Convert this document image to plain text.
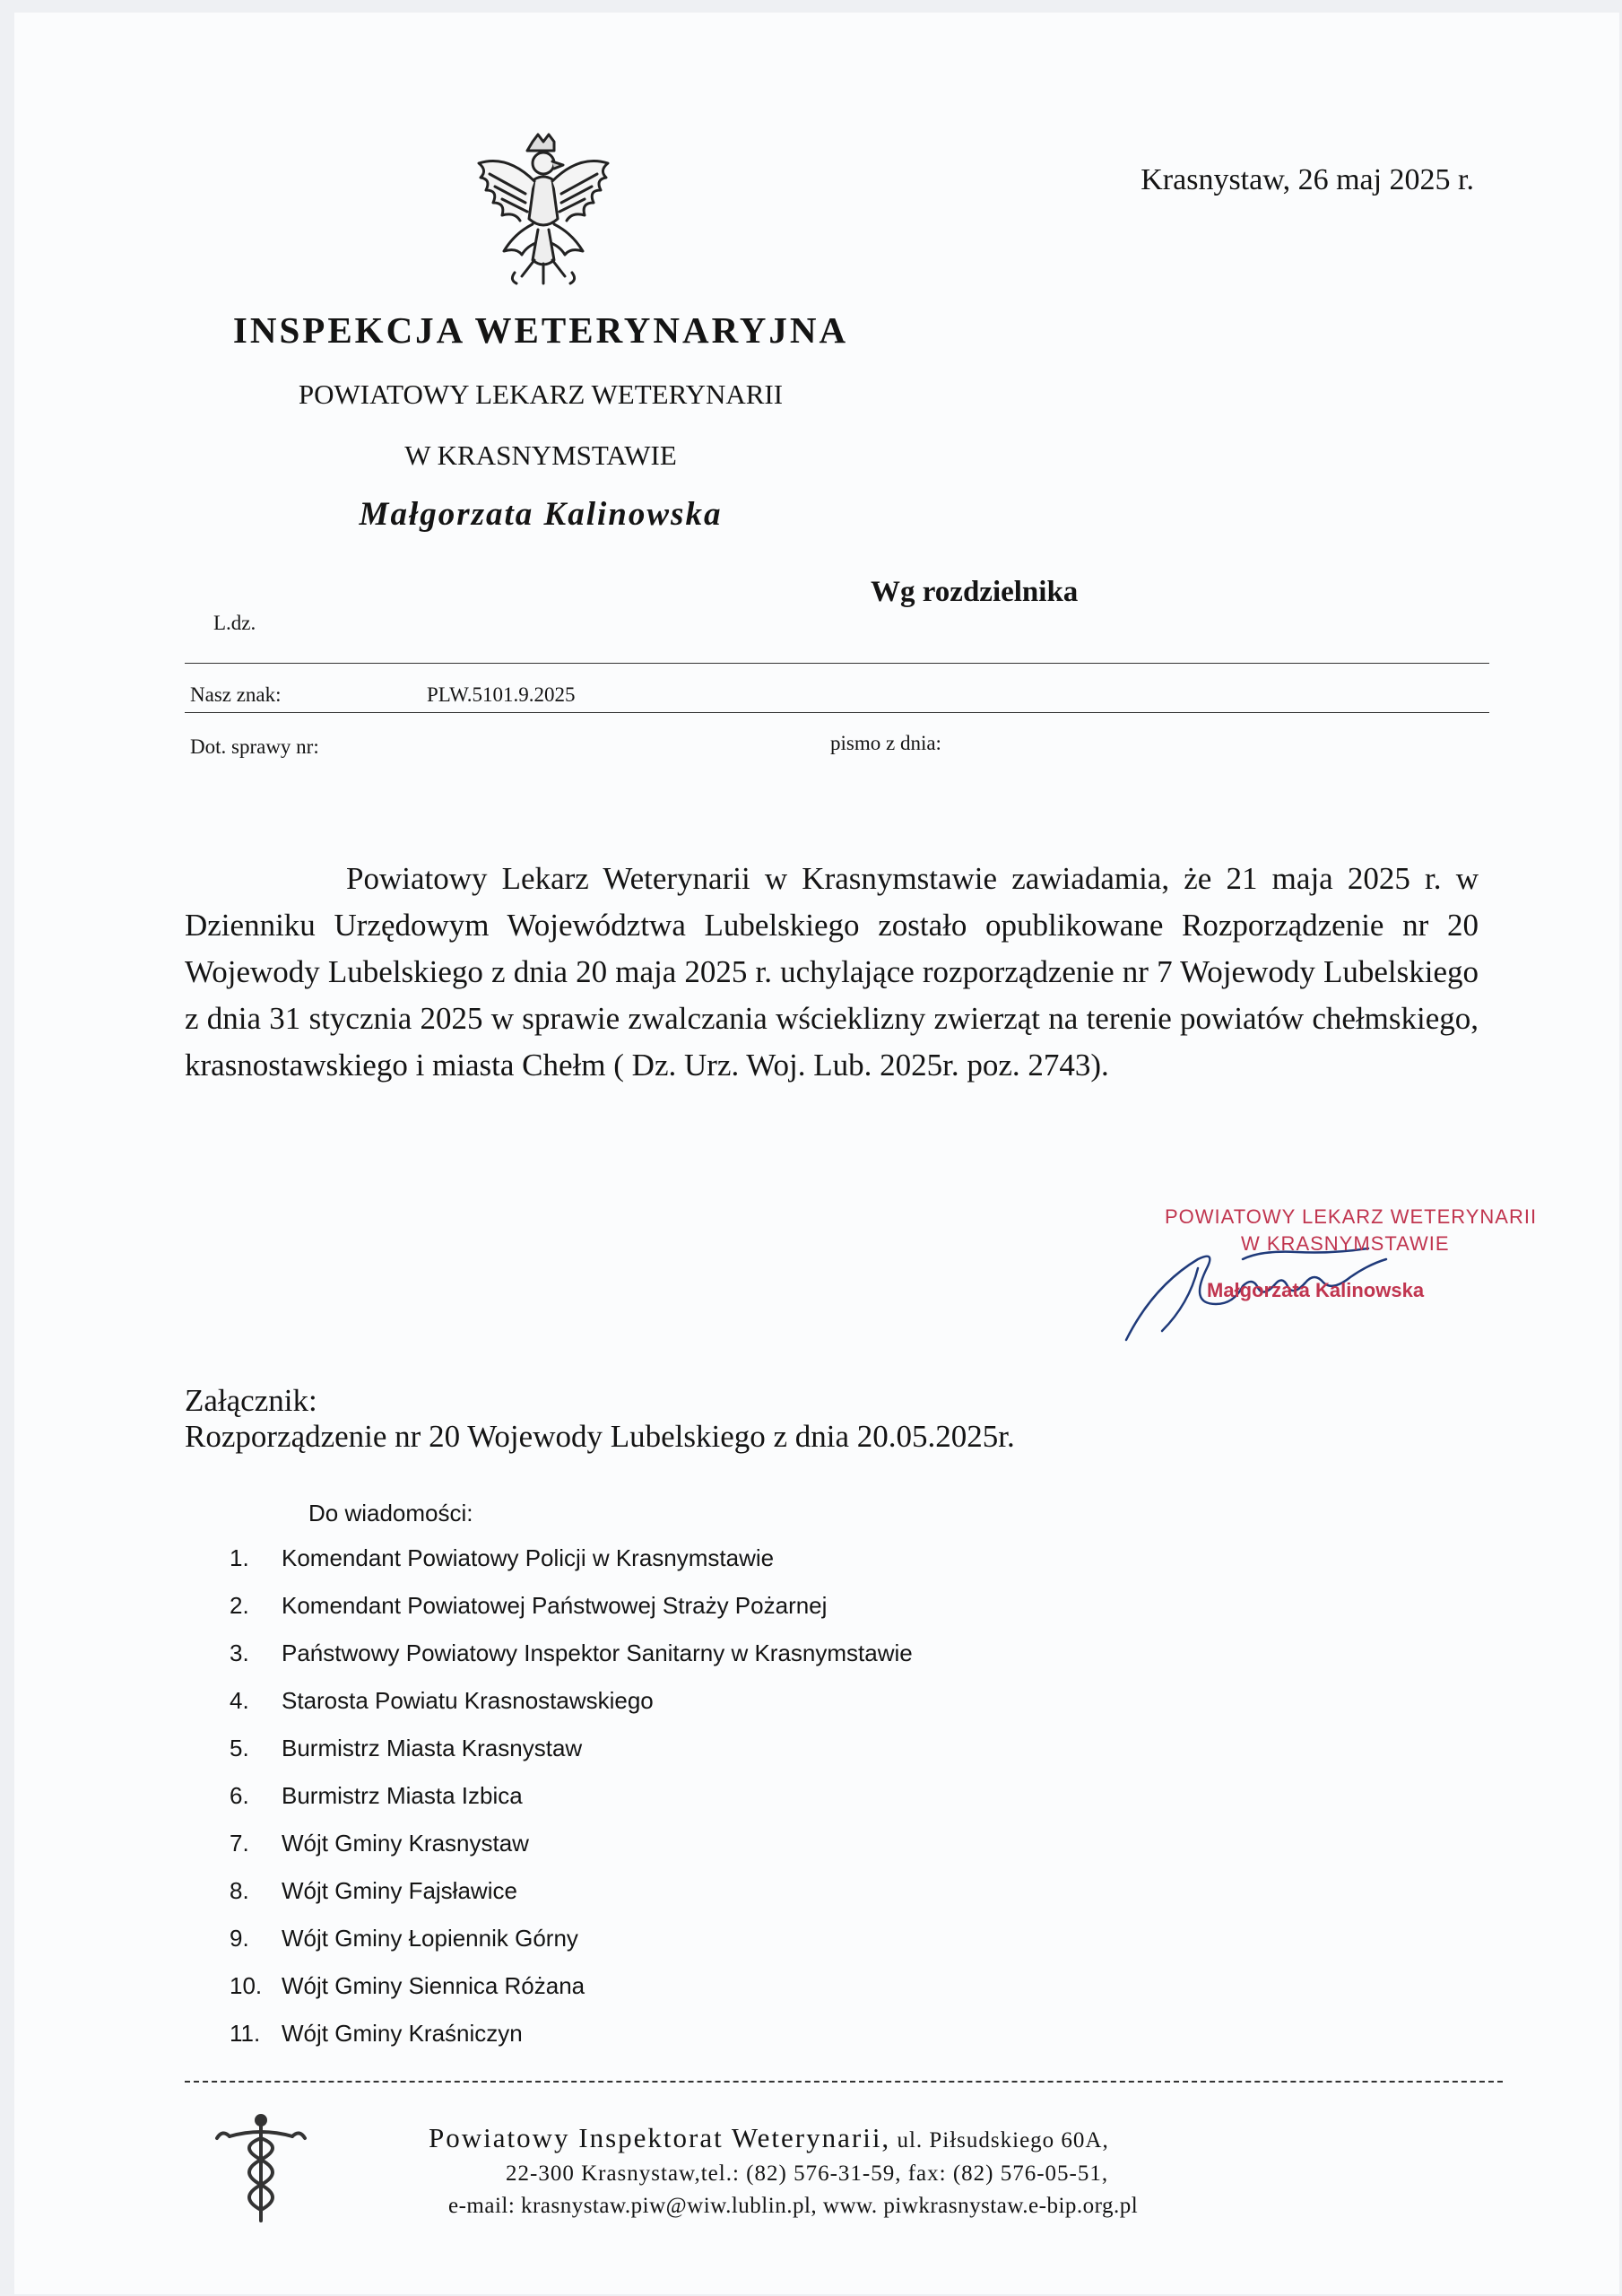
Krasnystaw, 26 maj 2025 r.
INSPEKCJA WETERYNARYJNA
POWIATOWY LEKARZ WETERYNARII
W KRASNYMSTAWIE
Małgorzata Kalinowska
Wg rozdzielnika
L.dz.
Nasz znak:	PLW.5101.9.2025
Dot. sprawy nr:	pismo z dnia:
Powiatowy Lekarz Weterynarii w Krasnymstawie zawiadamia, że 21 maja 2025 r. w Dzienniku Urzędowym Województwa Lubelskiego zostało opublikowane Rozporządzenie nr 20 Wojewody Lubelskiego z dnia 20 maja 2025 r. uchylające rozporządzenie nr 7 Wojewody Lubelskiego z dnia 31 stycznia 2025 w sprawie zwalczania wścieklizny zwierząt na terenie powiatów chełmskiego, krasnostawskiego i miasta Chełm ( Dz. Urz. Woj. Lub. 2025r. poz. 2743).
POWIATOWY LEKARZ WETERYNARII
W KRASNYMSTAWIE
Małgorzata Kalinowska
Załącznik:
Rozporządzenie nr 20 Wojewody Lubelskiego z dnia 20.05.2025r.
Do wiadomości:
1.	Komendant Powiatowy Policji w Krasnymstawie
2.	Komendant Powiatowej Państwowej Straży Pożarnej
3.	Państwowy Powiatowy Inspektor Sanitarny w Krasnymstawie
4.	Starosta Powiatu Krasnostawskiego
5.	Burmistrz Miasta Krasnystaw
6.	Burmistrz Miasta Izbica
7.	Wójt Gminy Krasnystaw
8.	Wójt Gminy Fajsławice
9.	Wójt Gminy Łopiennik Górny
10. Wójt Gminy Siennica Różana
11. Wójt Gminy Kraśniczyn
Powiatowy Inspektorat Weterynarii, ul. Piłsudskiego 60A,
22-300 Krasnystaw,tel.: (82) 576-31-59, fax: (82) 576-05-51,
e-mail: krasnystaw.piw@wiw.lublin.pl, www. piwkrasnystaw.e-bip.org.pl
